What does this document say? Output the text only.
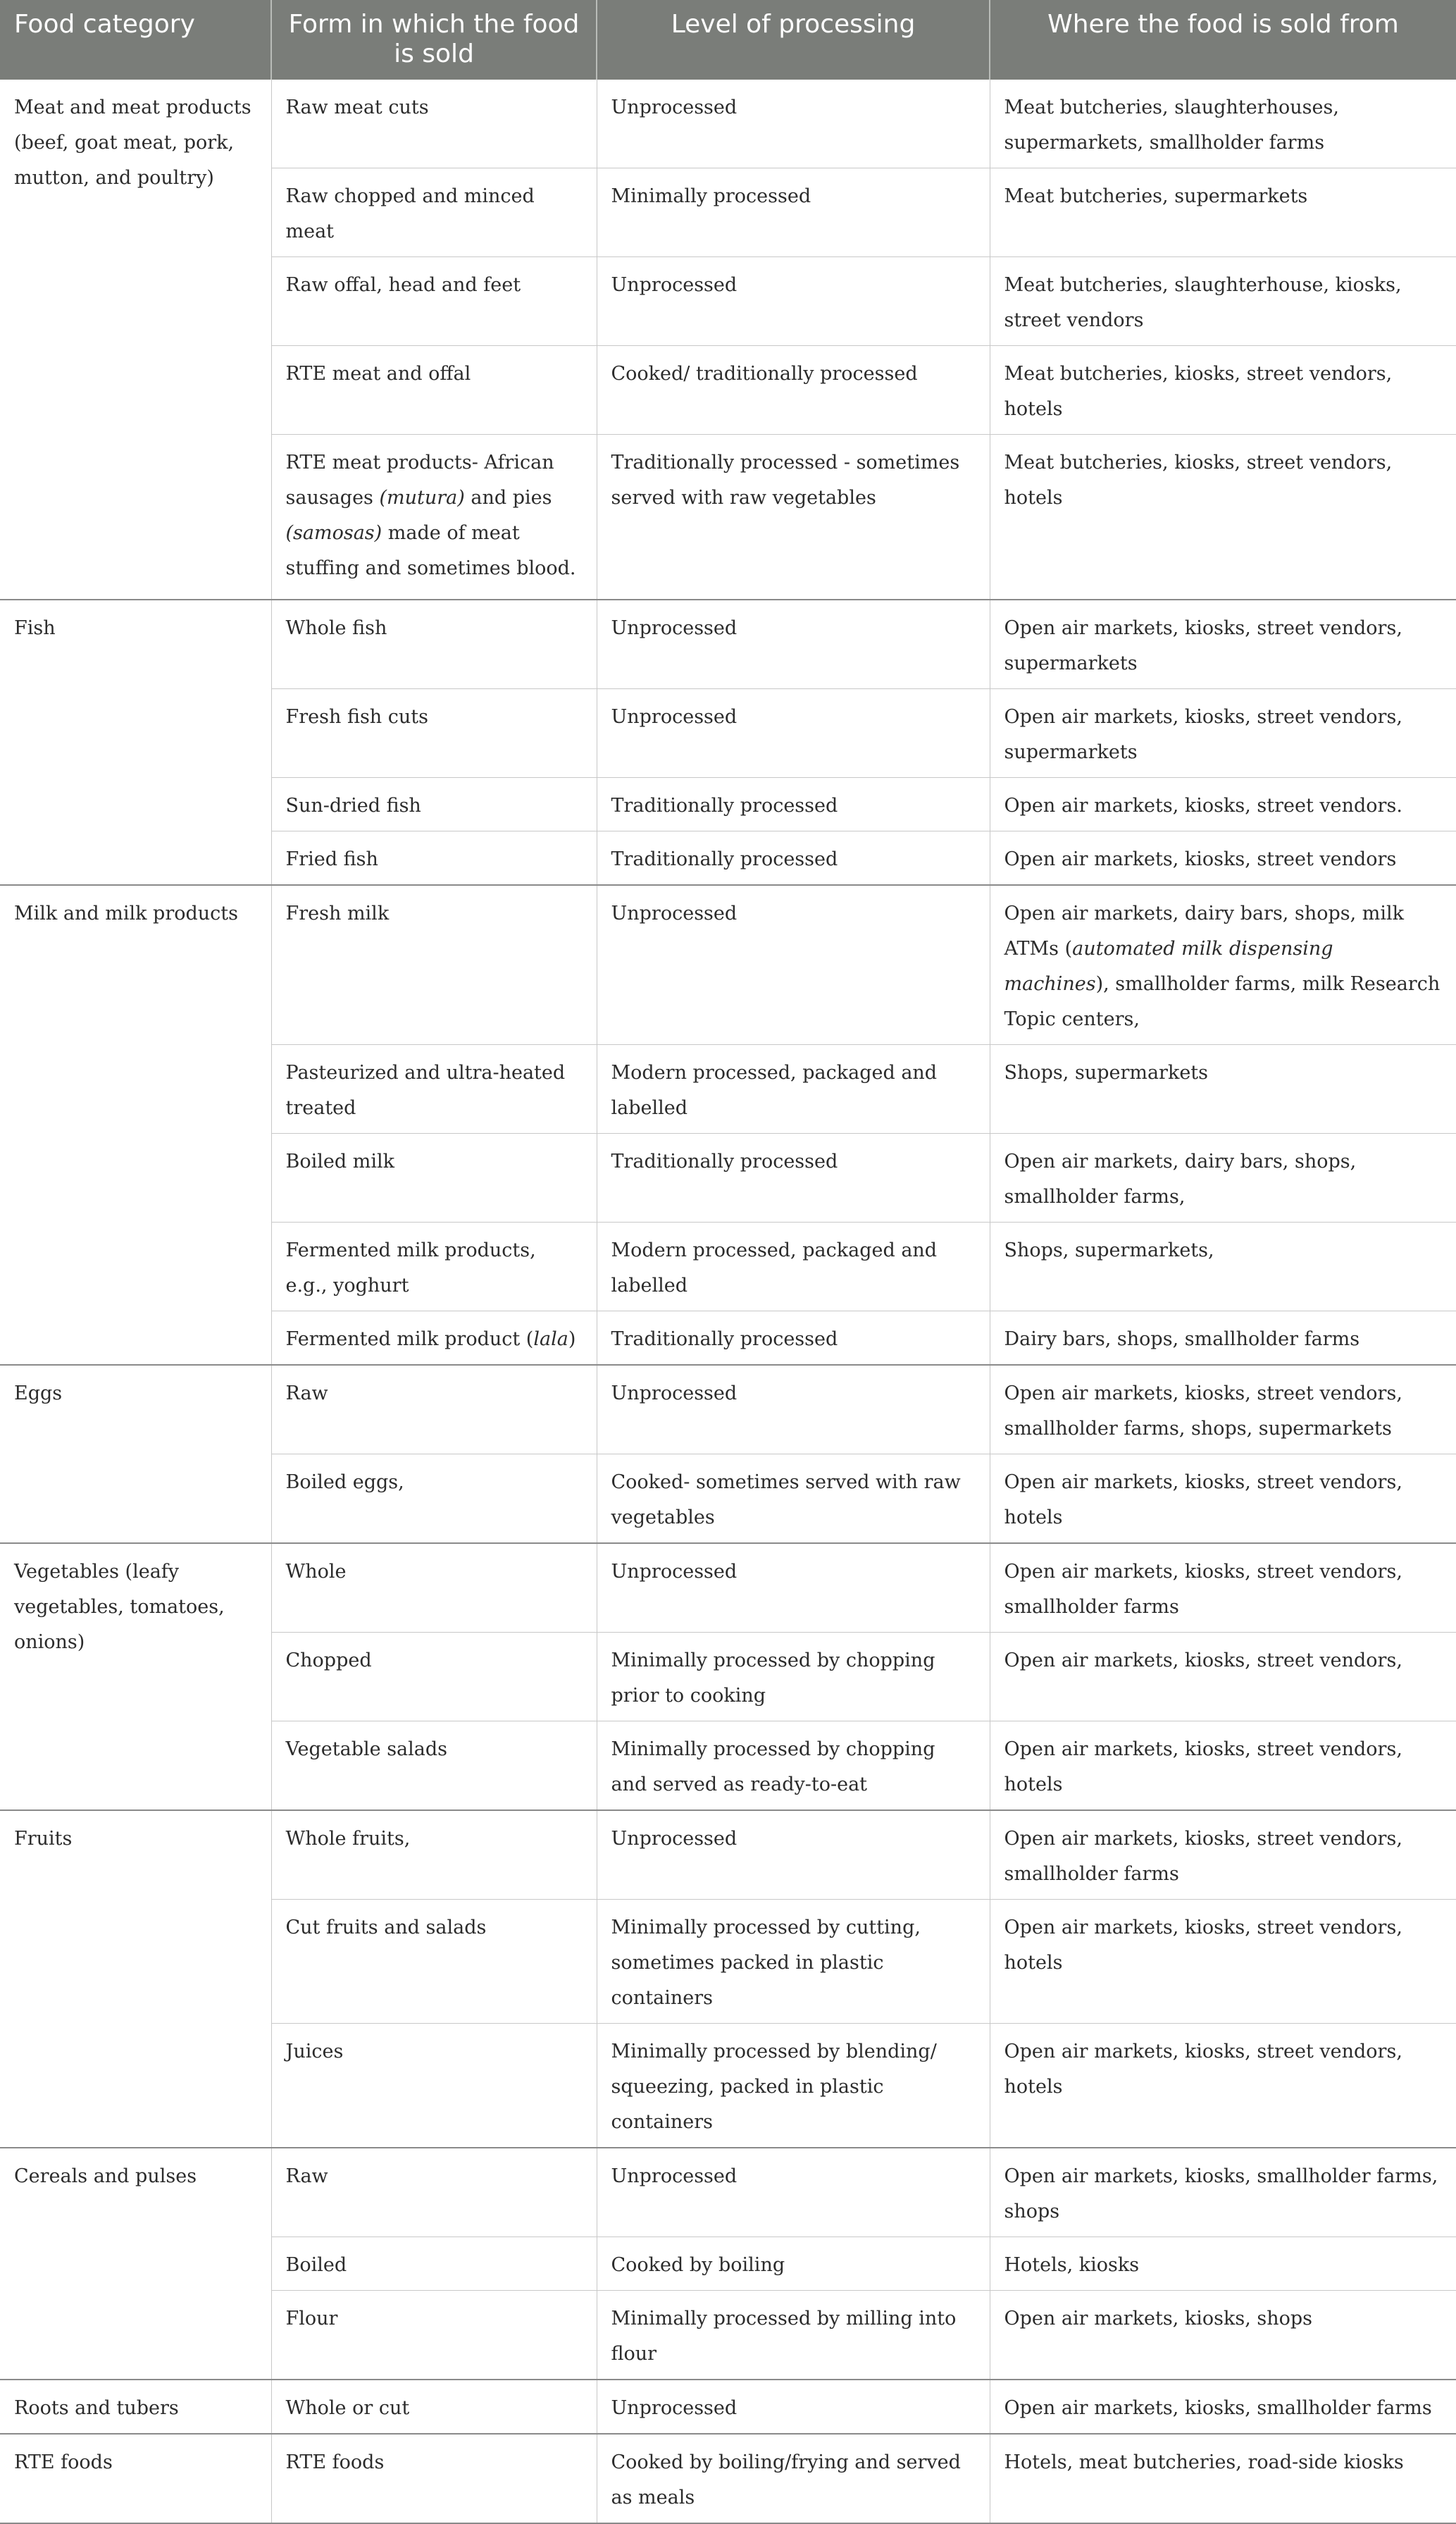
Food category	Form in which the food is sold	Level of processing	Where the food is sold from
Meat and meat products (beef, goat meat, pork, mutton, and poultry)	Raw meat cuts	Unprocessed	Meat butcheries, slaughterhouses, supermarkets, smallholder farms
	Raw chopped and minced meat	Minimally processed	Meat butcheries, supermarkets
	Raw offal, head and feet	Unprocessed	Meat butcheries, slaughterhouse, kiosks, street vendors
	RTE meat and offal	Cooked/ traditionally processed	Meat butcheries, kiosks, street vendors, hotels
	RTE meat products- African sausages (mutura) and pies (samosas) made of meat stuffing and sometimes blood.	Traditionally processed - sometimes served with raw vegetables	Meat butcheries, kiosks, street vendors, hotels
Fish	Whole fish	Unprocessed	Open air markets, kiosks, street vendors, supermarkets
	Fresh fish cuts	Unprocessed	Open air markets, kiosks, street vendors, supermarkets
	Sun-dried fish	Traditionally processed	Open air markets, kiosks, street vendors.
	Fried fish	Traditionally processed	Open air markets, kiosks, street vendors
Milk and milk products	Fresh milk	Unprocessed	Open air markets, dairy bars, shops, milk ATMs (automated milk dispensing machines), smallholder farms, milk Research Topic centers,
	Pasteurized and ultra-heated treated	Modern processed, packaged and labelled	Shops, supermarkets
	Boiled milk	Traditionally processed	Open air markets, dairy bars, shops, smallholder farms,
	Fermented milk products, e.g., yoghurt	Modern processed, packaged and labelled	Shops, supermarkets,
	Fermented milk product (lala)	Traditionally processed	Dairy bars, shops, smallholder farms
Eggs	Raw	Unprocessed	Open air markets, kiosks, street vendors, smallholder farms, shops, supermarkets
	Boiled eggs,	Cooked- sometimes served with raw vegetables	Open air markets, kiosks, street vendors, hotels
Vegetables (leafy vegetables, tomatoes, onions)	Whole	Unprocessed	Open air markets, kiosks, street vendors, smallholder farms
	Chopped	Minimally processed by chopping prior to cooking	Open air markets, kiosks, street vendors,
	Vegetable salads	Minimally processed by chopping and served as ready-to-eat	Open air markets, kiosks, street vendors, hotels
Fruits	Whole fruits,	Unprocessed	Open air markets, kiosks, street vendors, smallholder farms
	Cut fruits and salads	Minimally processed by cutting, sometimes packed in plastic containers	Open air markets, kiosks, street vendors, hotels
	Juices	Minimally processed by blending/ squeezing, packed in plastic containers	Open air markets, kiosks, street vendors, hotels
Cereals and pulses	Raw	Unprocessed	Open air markets, kiosks, smallholder farms, shops
	Boiled	Cooked by boiling	Hotels, kiosks
	Flour	Minimally processed by milling into flour	Open air markets, kiosks, shops
Roots and tubers	Whole or cut	Unprocessed	Open air markets, kiosks, smallholder farms
RTE foods	RTE foods	Cooked by boiling/frying and served as meals	Hotels, meat butcheries, road-side kiosks
